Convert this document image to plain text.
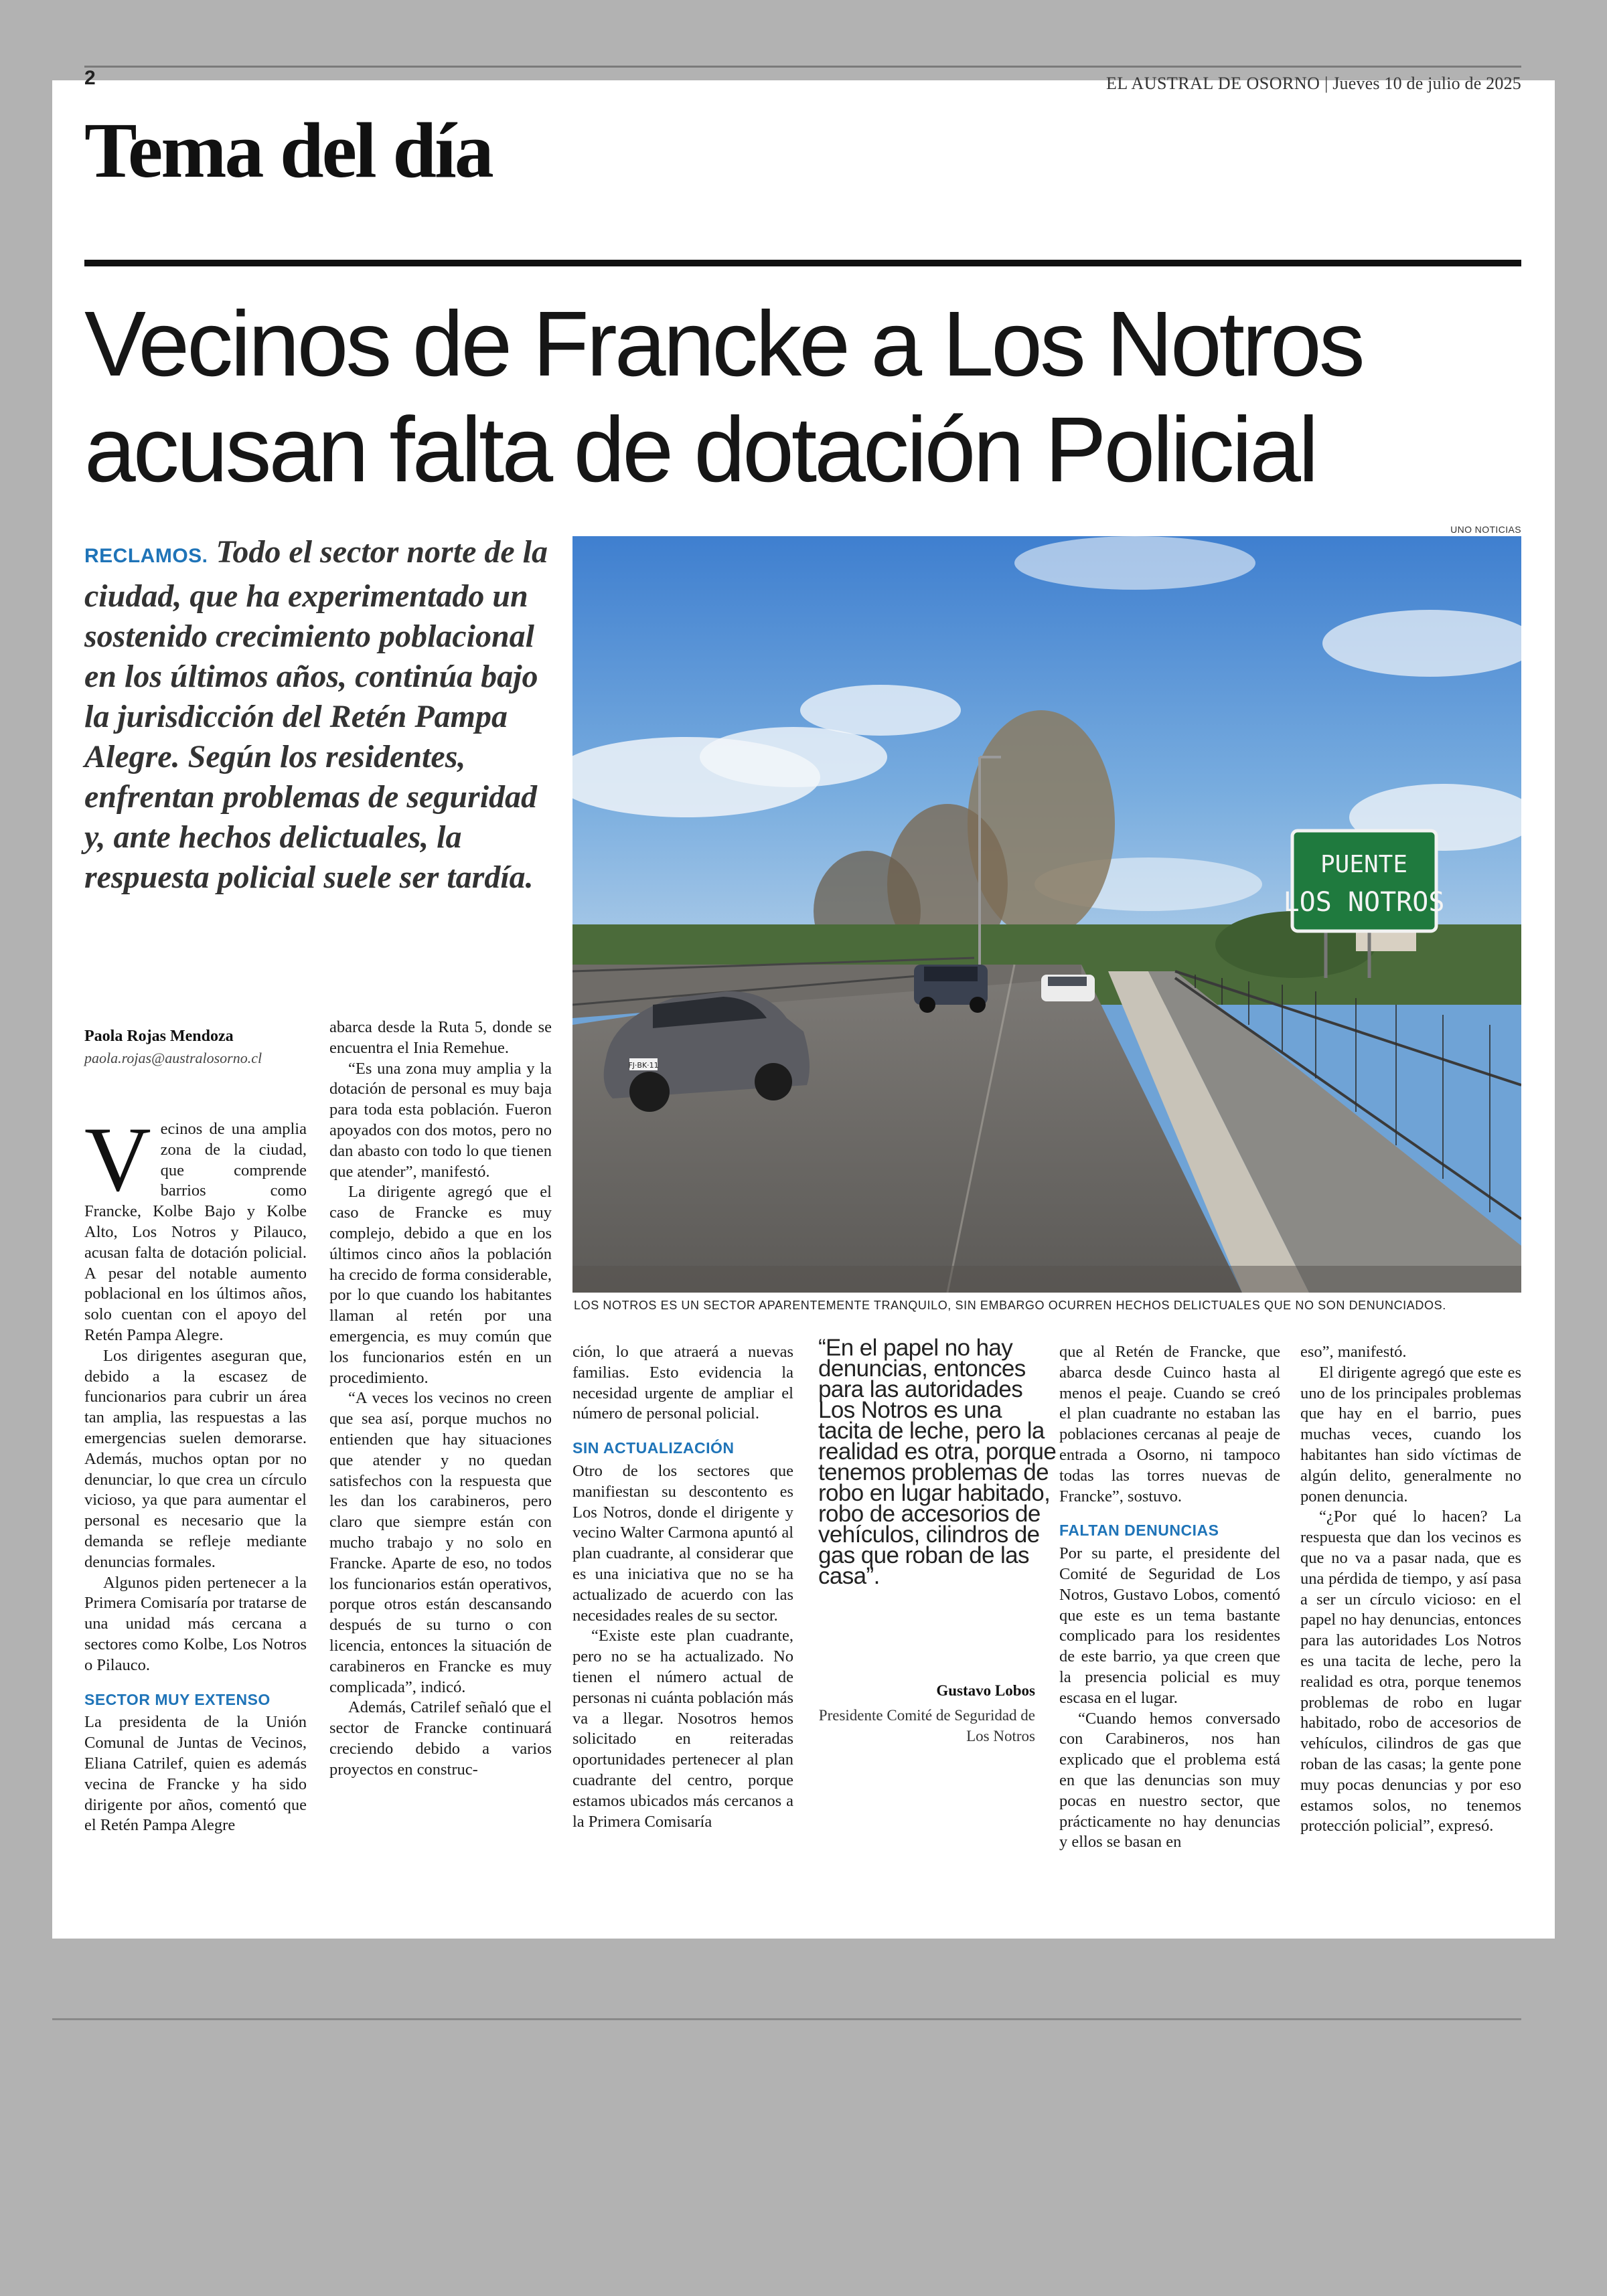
2	EL AUSTRAL DE OSORNO | Jueves 10 de julio de 2025
Tema del día
Vecinos de Francke a Los Notros
acusan falta de dotación Policial
RECLAMOS. Todo el sector norte de la ciudad, que ha experimentado un sostenido crecimiento poblacional en los últimos años, continúa bajo la jurisdicción del Retén Pampa Alegre. Según los residentes, enfrentan problemas de seguridad y, ante hechos delictuales, la respuesta policial suele ser tardía.
UNO NOTICIAS
PUENTE
LOS NOTROS
FJ·BK·11
LOS NOTROS ES UN SECTOR APARENTEMENTE TRANQUILO, SIN EMBARGO OCURREN HECHOS DELICTUALES QUE NO SON DENUNCIADOS.
Paola Rojas Mendoza
paola.rojas@australosorno.cl

Vecinos de una amplia zona de la ciudad, que comprende barrios como Francke, Kolbe Bajo y Kolbe Alto, Los Notros y Pilauco, acusan falta de dotación policial. A pesar del notable aumento poblacional en los últimos años, solo cuentan con el apoyo del Retén Pampa Alegre.

Los dirigentes aseguran que, debido a la escasez de funcionarios para cubrir un área tan amplia, las respuestas a las emergencias suelen demorarse. Además, muchos optan por no denunciar, lo que crea un círculo vicioso, ya que para aumentar el personal es necesario que la demanda se refleje mediante denuncias formales.

Algunos piden pertenecer a la Primera Comisaría por tratarse de una unidad más cercana a sectores como Kolbe, Los Notros o Pilauco.

SECTOR MUY EXTENSO

La presidenta de la Unión Comunal de Juntas de Vecinos, Eliana Catrilef, quien es además vecina de Francke y ha sido dirigente por años, comentó que el Retén Pampa Alegre

abarca desde la Ruta 5, donde se encuentra el Inia Remehue.

“Es una zona muy amplia y la dotación de personal es muy baja para toda esta población. Fueron apoyados con dos motos, pero no dan abasto con todo lo que tienen que atender”, manifestó.

La dirigente agregó que el caso de Francke es muy complejo, debido a que en los últimos cinco años la población ha crecido de forma considerable, por lo que cuando los habitantes llaman al retén por una emergencia, es muy común que los funcionarios estén en un procedimiento.

“A veces los vecinos no creen que sea así, porque muchos no entienden que hay situaciones que atender y no quedan satisfechos con la respuesta que les dan los carabineros, pero claro que siempre están con mucho trabajo y no solo en Francke. Aparte de eso, no todos los funcionarios están operativos, porque otros están descansando después de su turno o con licencia, entonces la situación de carabineros en Francke es muy complicada”, indicó.

Además, Catrilef señaló que el sector de Francke continuará creciendo debido a varios proyectos en construc-

ción, lo que atraerá a nuevas familias. Esto evidencia la necesidad urgente de ampliar el número de personal policial.

SIN ACTUALIZACIÓN

Otro de los sectores que manifiestan su descontento es Los Notros, donde el dirigente y vecino Walter Carmona apuntó al plan cuadrante, al considerar que es una iniciativa que no se ha actualizado de acuerdo con las necesidades reales de su sector.

“Existe este plan cuadrante, pero no se ha actualizado. No tienen el número actual de personas ni cuánta población más va a llegar. Nosotros hemos solicitado en reiteradas oportunidades pertenecer al plan cuadrante del centro, porque estamos ubicados más cercanos a la Primera Comisaría

“En el papel no hay denuncias, entonces para las autoridades Los Notros es una tacita de leche, pero la realidad es otra, porque tenemos problemas de robo en lugar habitado, robo de accesorios de vehículos, cilindros de gas que roban de las casa”.
Gustavo Lobos
Presidente Comité de Seguridad de Los Notros

que al Retén de Francke, que abarca desde Cuinco hasta al menos el peaje. Cuando se creó el plan cuadrante no estaban las poblaciones cercanas al peaje de entrada a Osorno, ni tampoco todas las torres nuevas de Francke”, sostuvo.

FALTAN DENUNCIAS

Por su parte, el presidente del Comité de Seguridad de Los Notros, Gustavo Lobos, comentó que este es un tema bastante complicado para los residentes de este barrio, ya que creen que la presencia policial es muy escasa en el lugar.

“Cuando hemos conversado con Carabineros, nos han explicado que el problema está en que las denuncias son muy pocas en nuestro sector, que prácticamente no hay denuncias y ellos se basan en

eso”, manifestó.

El dirigente agregó que este es uno de los principales problemas que hay en el barrio, pues muchas veces, cuando los habitantes han sido víctimas de algún delito, generalmente no ponen denuncia.

“¿Por qué lo hacen? La respuesta que dan los vecinos es que no va a pasar nada, que es una pérdida de tiempo, y así pasa a ser un círculo vicioso: en el papel no hay denuncias, entonces para las autoridades Los Notros es una tacita de leche, pero la realidad es otra, porque tenemos problemas de robo en lugar habitado, robo de accesorios de vehículos, cilindros de gas que roban de las casas; la gente pone muy pocas denuncias y por eso estamos solos, no tenemos protección policial”, expresó.
